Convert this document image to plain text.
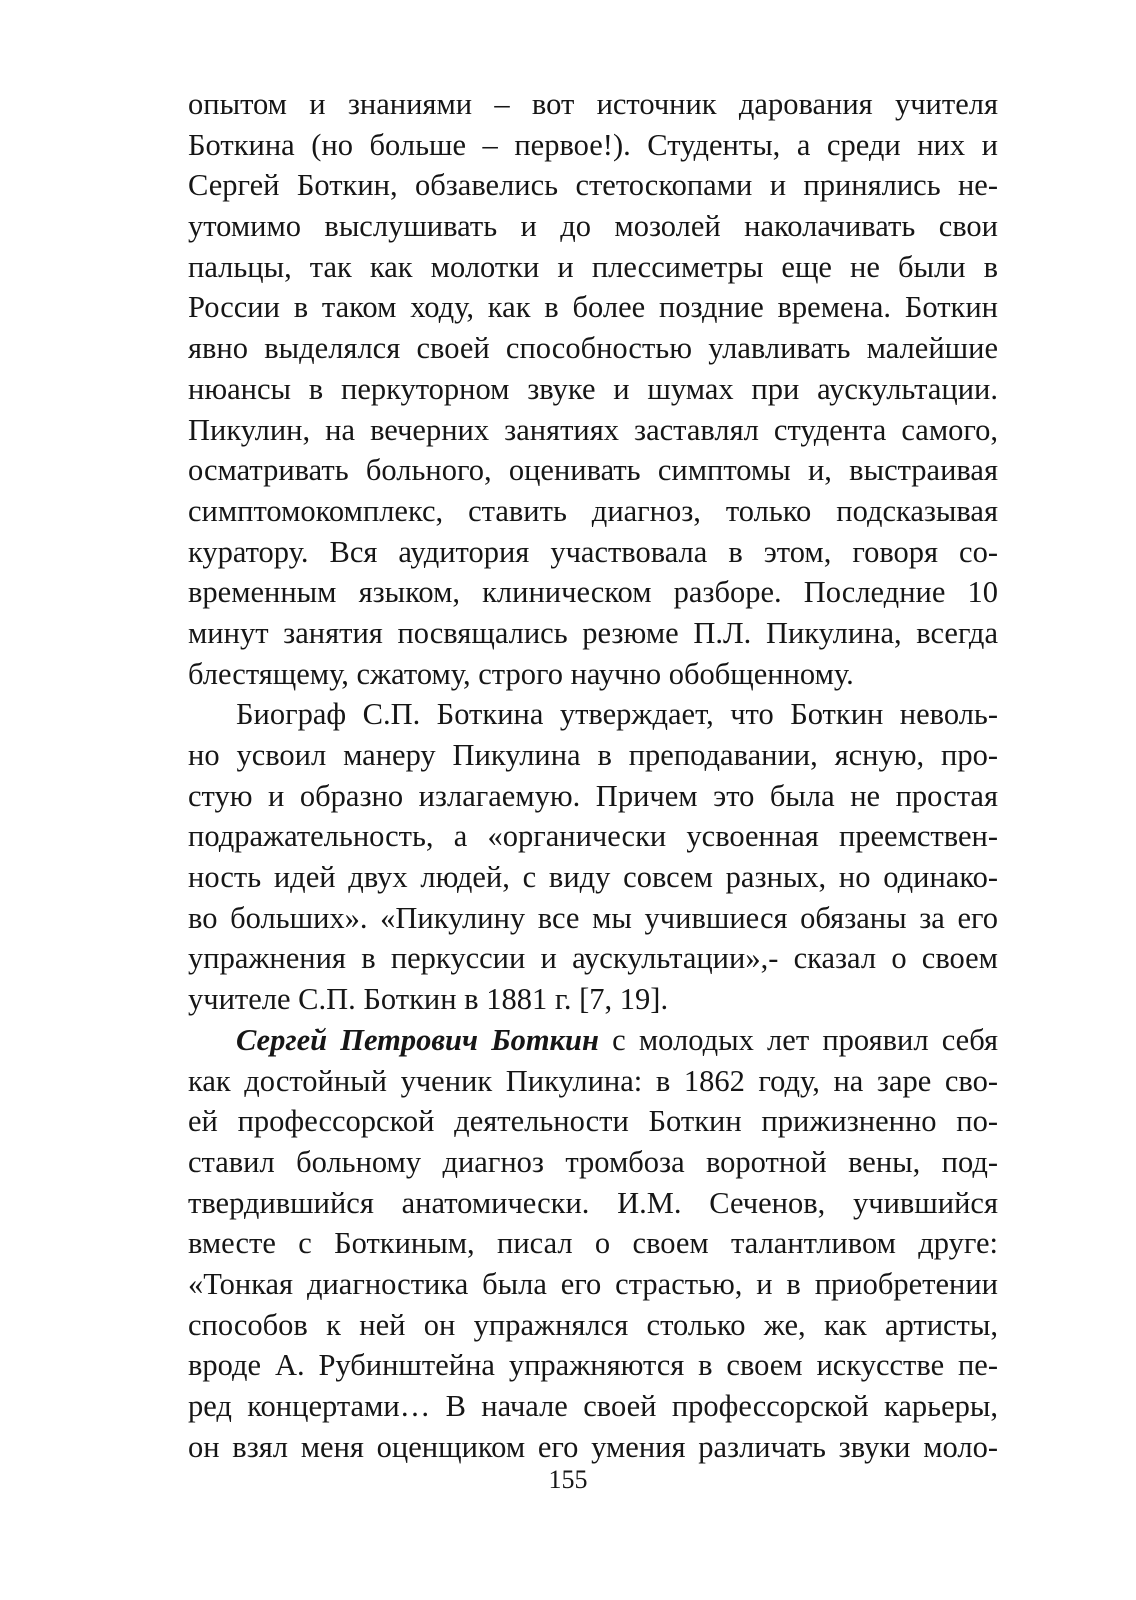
опытом и знаниями – вот источник дарования учителя
Боткина (но больше – первое!). Студенты, а среди них и
Сергей Боткин, обзавелись стетоскопами и принялись не-
утомимо выслушивать и до мозолей наколачивать свои
пальцы, так как молотки и плессиметры еще не были в
России в таком ходу, как в более поздние времена. Боткин
явно выделялся своей способностью улавливать малейшие
нюансы в перкуторном звуке и шумах при аускультации.
Пикулин, на вечерних занятиях заставлял студента самого,
осматривать больного, оценивать симптомы и, выстраивая
симптомокомплекс, ставить диагноз, только подсказывая
куратору. Вся аудитория участвовала в этом, говоря со-
временным языком, клиническом разборе. Последние 10
минут занятия посвящались резюме П.Л. Пикулина, всегда
блестящему, сжатому, строго научно обобщенному.
Биограф С.П. Боткина утверждает, что Боткин неволь-
но усвоил манеру Пикулина в преподавании, ясную, про-
стую и образно излагаемую. Причем это была не простая
подражательность, а «органически усвоенная преемствен-
ность идей двух людей, с виду совсем разных, но одинако-
во больших». «Пикулину все мы учившиеся обязаны за его
упражнения в перкуссии и аускультации»,- сказал о своем
учителе С.П. Боткин в 1881 г. [7, 19].
Сергей Петрович Боткин с молодых лет проявил себя
как достойный ученик Пикулина: в 1862 году, на заре сво-
ей профессорской деятельности Боткин прижизненно по-
ставил больному диагноз тромбоза воротной вены, под-
твердившийся анатомически. И.М. Сеченов, учившийся
вместе с Боткиным, писал о своем талантливом друге:
«Тонкая диагностика была его страстью, и в приобретении
способов к ней он упражнялся столько же, как артисты,
вроде А. Рубинштейна упражняются в своем искусстве пе-
ред концертами… В начале своей профессорской карьеры,
он взял меня оценщиком его умения различать звуки моло-
155
